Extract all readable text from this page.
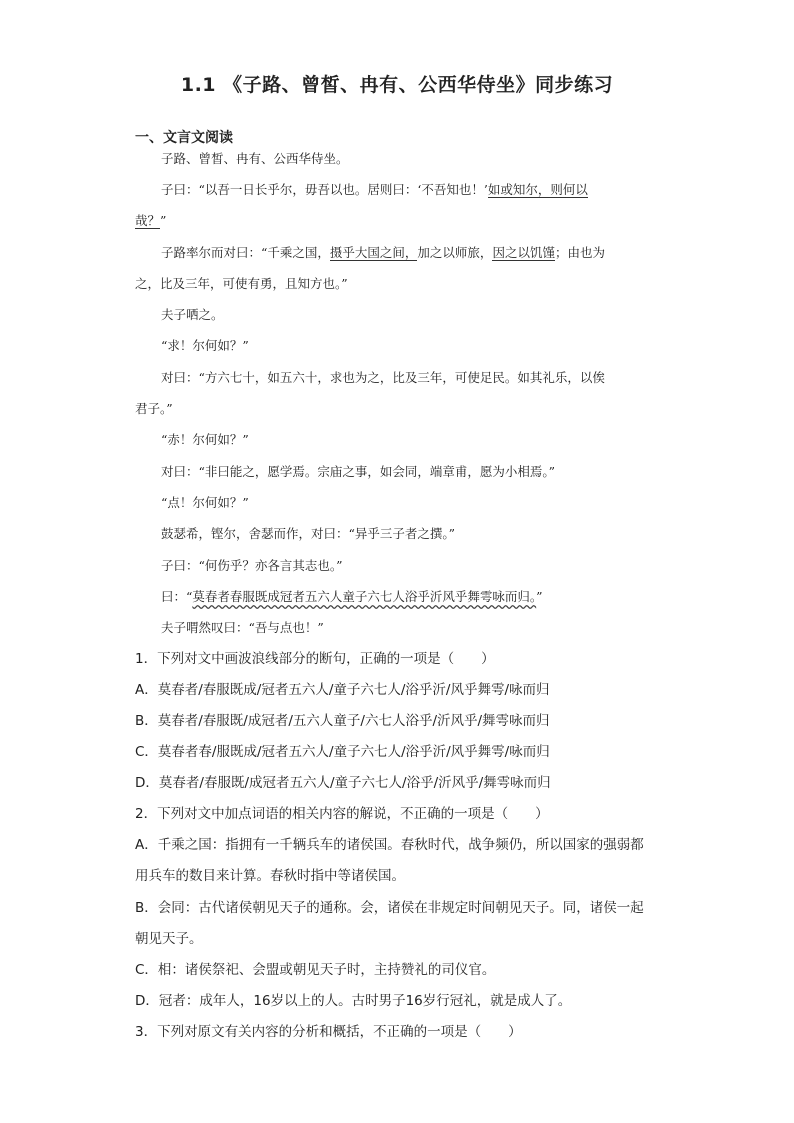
1.1 《子路、曾皙、冉有、公西华侍坐》同步练习
一、文言文阅读
子路、曾皙、冉有、公西华侍坐。
子曰：“以吾一日长乎尔，毋吾以也。居则曰：‘不吾知也！’如或知尔，则何以
哉？”
子路率尔而对曰：“千乘之国，摄乎大国之间，加之以师旅，因之以饥馑；由也为
之，比及三年，可使有勇，且知方也。”
夫子哂之。
“求！尔何如？”
对曰：“方六七十，如五六十，求也为之，比及三年，可使足民。如其礼乐，以俟
君子。”
“赤！尔何如？”
对曰：“非曰能之，愿学焉。宗庙之事，如会同，端章甫，愿为小相焉。”
“点！尔何如？”
鼓瑟希，铿尔，舍瑟而作，对曰：“异乎三子者之撰。”
子曰：“何伤乎？亦各言其志也。”
曰：“莫春者春服既成冠者五六人童子六七人浴乎沂风乎舞雩咏而归。”
夫子喟然叹曰：“吾与点也！”
1．下列对文中画波浪线部分的断句，正确的一项是（　　）
A．莫春者/春服既成/冠者五六人/童子六七人/浴乎沂/风乎舞雩/咏而归
B．莫春者/春服既/成冠者/五六人童子/六七人浴乎/沂风乎/舞雩咏而归
C．莫春者春/服既成/冠者五六人/童子六七人/浴乎沂/风乎舞雩/咏而归
D．莫春者/春服既/成冠者五六人/童子六七人/浴乎/沂风乎/舞雩咏而归
2．下列对文中加点词语的相关内容的解说，不正确的一项是（　　）
A．千乘之国：指拥有一千辆兵车的诸侯国。春秋时代，战争频仍，所以国家的强弱都
用兵车的数目来计算。春秋时指中等诸侯国。
B．会同：古代诸侯朝见天子的通称。会，诸侯在非规定时间朝见天子。同，诸侯一起
朝见天子。
C．相：诸侯祭祀、会盟或朝见天子时，主持赞礼的司仪官。
D．冠者：成年人，16岁以上的人。古时男子16岁行冠礼，就是成人了。
3．下列对原文有关内容的分析和概括，不正确的一项是（　　）
